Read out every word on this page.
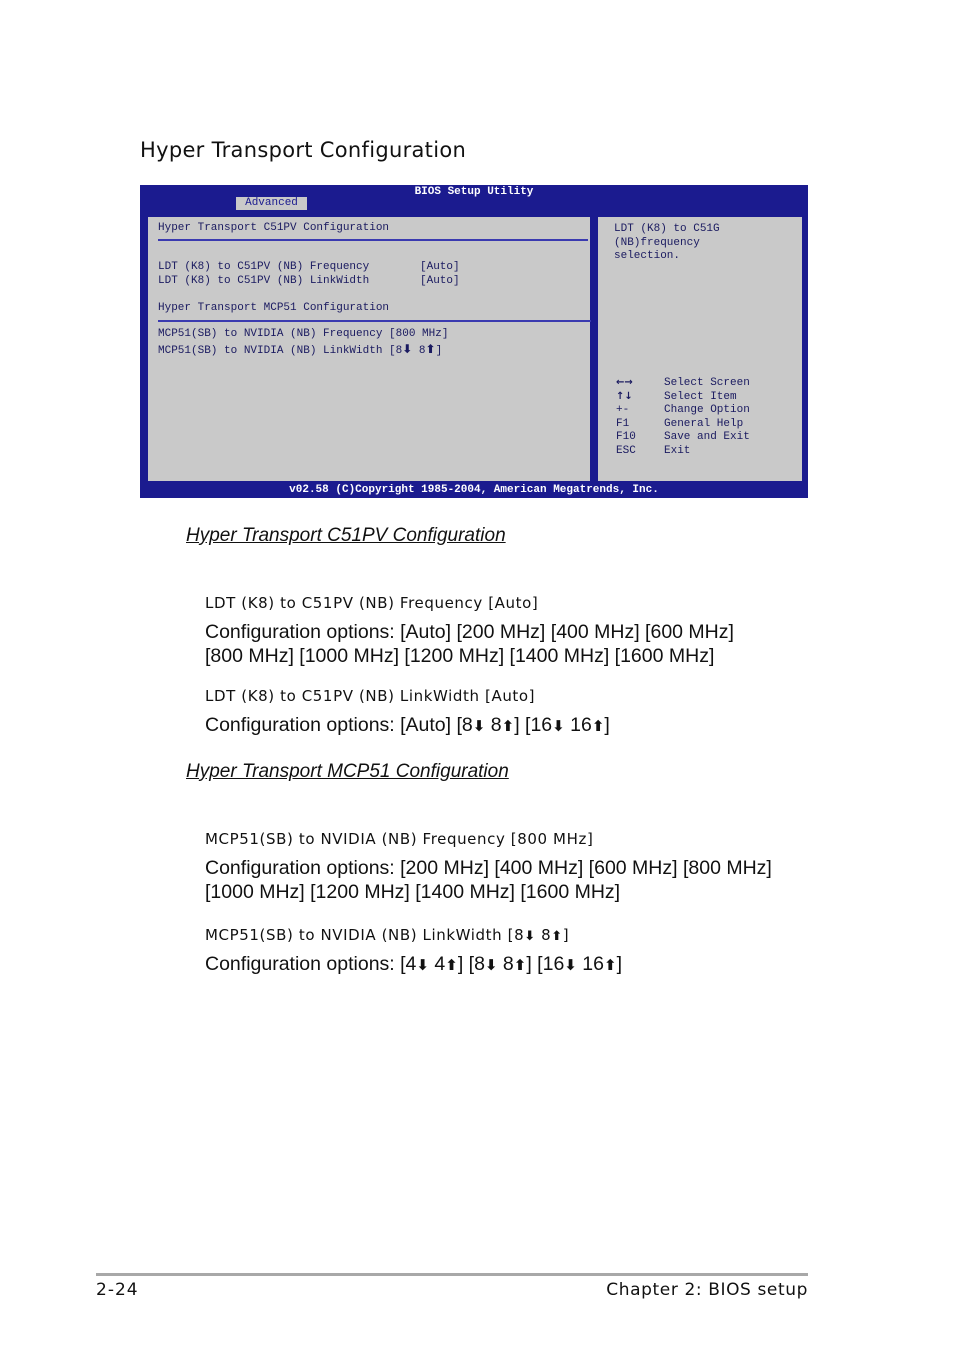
Hyper Transport Configuration
BIOS Setup Utility
Advanced
Hyper Transport C51PV Configuration
LDT (K8) to C51PV (NB) Frequency	[Auto]
LDT (K8) to C51PV (NB) LinkWidth	[Auto]
Hyper Transport MCP51 Configuration
MCP51(SB) to NVIDIA (NB) Frequency [800 MHz]
MCP51(SB) to NVIDIA (NB) LinkWidth [8⬇ 8⬆]
LDT (K8) to C51G
(NB)frequency
selection.
←→	Select Screen
↑↓	Select Item
+-	Change Option
F1	General Help
F10	Save and Exit
ESC	Exit
v02.58 (C)Copyright 1985-2004, American Megatrends, Inc.
Hyper Transport C51PV Configuration
LDT (K8) to C51PV (NB) Frequency [Auto]
Configuration options: [Auto] [200 MHz] [400 MHz] [600 MHz]
[800 MHz] [1000 MHz] [1200 MHz] [1400 MHz] [1600 MHz]
LDT (K8) to C51PV (NB) LinkWidth [Auto]
Configuration options: [Auto] [8⬇ 8⬆] [16⬇ 16⬆]
Hyper Transport MCP51 Configuration
MCP51(SB) to NVIDIA (NB) Frequency [800 MHz]
Configuration options: [200 MHz] [400 MHz] [600 MHz] [800 MHz]
[1000 MHz] [1200 MHz] [1400 MHz] [1600 MHz]
MCP51(SB) to NVIDIA (NB) LinkWidth [8⬇ 8⬆]
Configuration options: [4⬇ 4⬆] [8⬇ 8⬆] [16⬇ 16⬆]
2-24	Chapter 2: BIOS setup
